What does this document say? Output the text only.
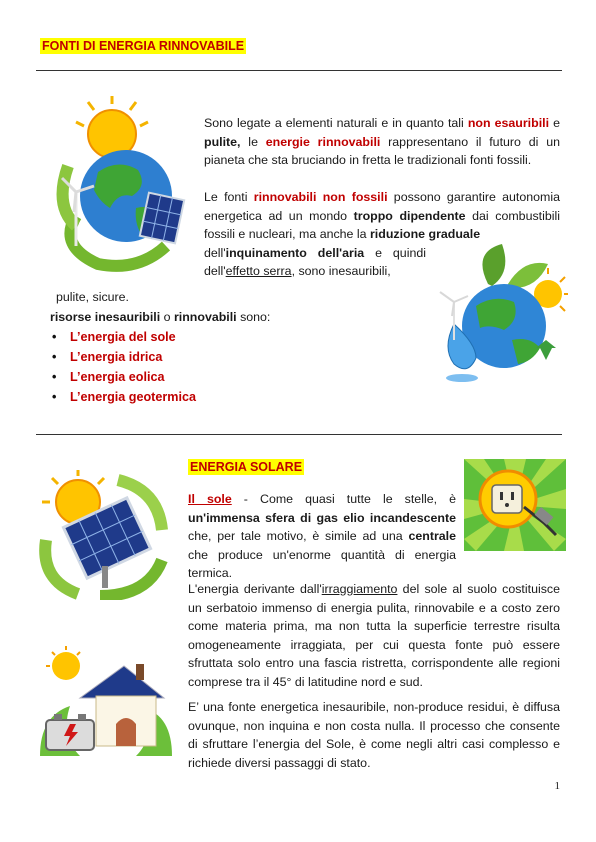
FONTI DI ENERGIA RINNOVABILE
Sono legate a elementi naturali e in quanto tali non esauribili e pulite, le energie rinnovabili rappresentano il futuro di un pianeta che sta bruciando in fretta le tradizionali fonti fossili.
Le fonti rinnovabili non fossili possono garantire autonomia energetica ad un mondo troppo dipendente dai combustibili fossili e nucleari, ma anche la riduzione graduale
dell'inquinamento dell'aria e quindi dell'effetto serra, sono inesauribili,
pulite, sicure.
risorse inesauribili o rinnovabili sono:
• L’energia del sole
• L’energia idrica
• L’energia eolica
• L’energia geotermica
ENERGIA SOLARE
Il sole - Come quasi tutte le stelle, è un'immensa sfera di gas elio incandescente che, per tale motivo, è simile ad una centrale che produce un'enorme quantità di energia termica.
L'energia derivante dall'irraggiamento del sole al suolo costituisce un serbatoio immenso di energia pulita, rinnovabile e a costo zero come materia prima, ma non tutta la superficie terrestre risulta omogeneamente irraggiata, per cui questa fonte può essere sfruttata solo entro una fascia ristretta, corrispondente alle regioni comprese tra il 45° di latitudine nord e sud.
E’ una fonte energetica inesauribile, non-produce residui, è diffusa ovunque, non inquina e non costa nulla. Il processo che consente di sfruttare l’energia del Sole, è come negli altri casi complesso e richiede diversi passaggi di stato.
1
